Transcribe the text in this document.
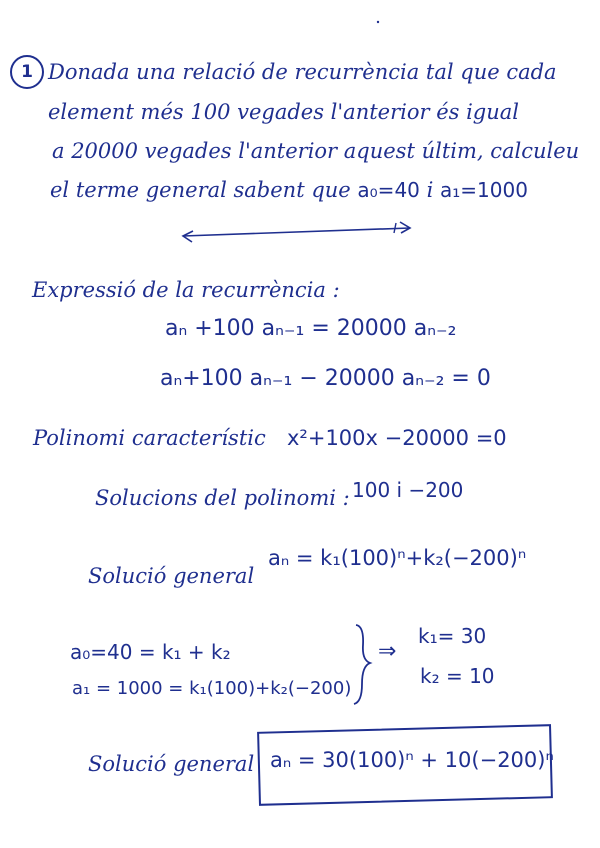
1 Donada una relació de recurrència tal que cada
element més 100 vegades l'anterior és igual
a 20000 vegades l'anterior aquest últim, calculeu
el terme general sabent que a₀=40 i a₁=1000
Expressió de la recurrència :
aₙ +100 aₙ₋₁ = 20000 aₙ₋₂
aₙ+100 aₙ₋₁ − 20000 aₙ₋₂ = 0
Polinomi característic x²+100x −20000 =0
Solucions del polinomi : 100 i −200
Solució general
aₙ = k₁(100)ⁿ+k₂(−200)ⁿ
a₀=40 = k₁ + k₂
a₁ = 1000 = k₁(100)+k₂(−200)
⇒
k₁= 30
k₂ = 10
Solució general aₙ = 30(100)ⁿ + 10(−200)ⁿ
